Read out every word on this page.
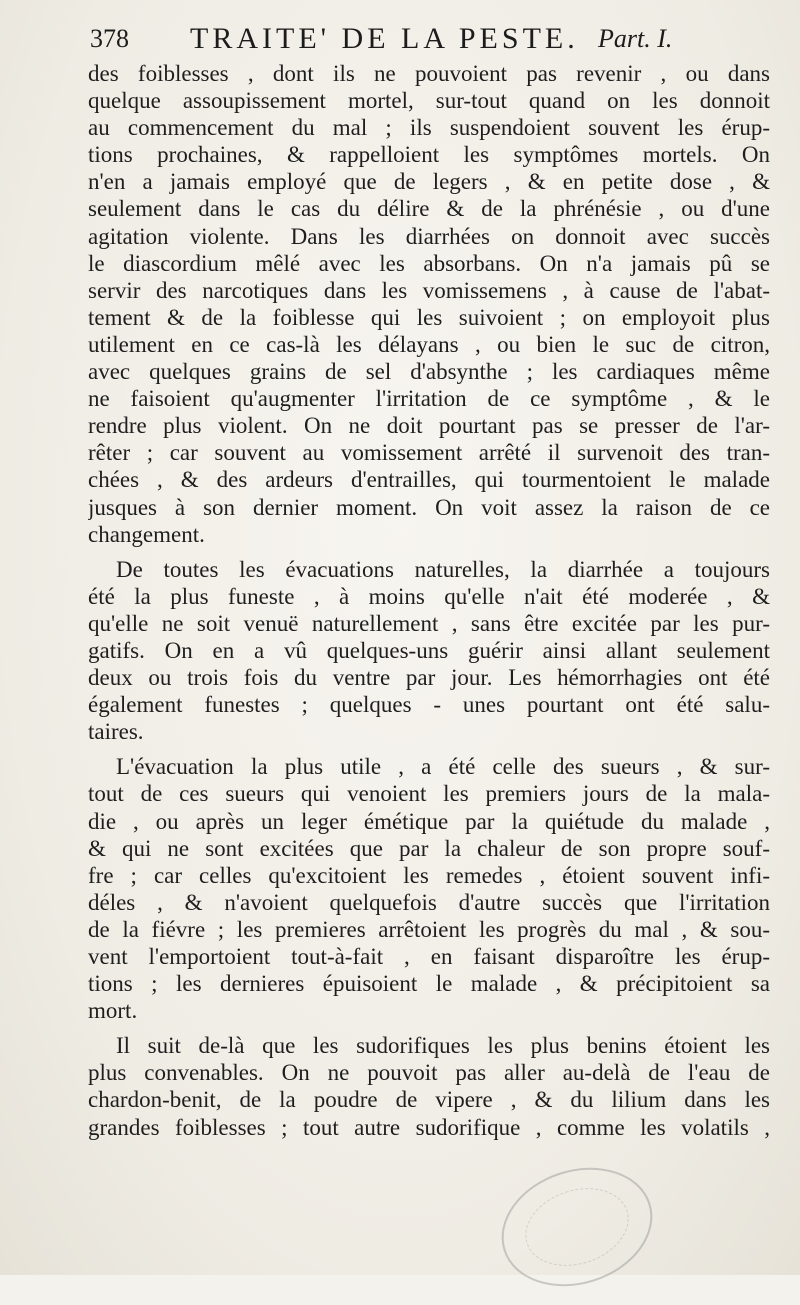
378 TRAITE' DE LA PESTE. Part. I.
des foiblesses , dont ils ne pouvoient pas revenir , ou dans
quelque assoupissement mortel, sur-tout quand on les donnoit
au commencement du mal ; ils suspendoient souvent les érup-
tions prochaines, & rappelloient les symptômes mortels. On
n'en a jamais employé que de legers , & en petite dose , &
seulement dans le cas du délire & de la phrénésie , ou d'une
agitation violente. Dans les diarrhées on donnoit avec succès
le diascordium mêlé avec les absorbans. On n'a jamais pû se
servir des narcotiques dans les vomissemens , à cause de l'abat-
tement & de la foiblesse qui les suivoient ; on employoit plus
utilement en ce cas-là les délayans , ou bien le suc de citron,
avec quelques grains de sel d'absynthe ; les cardiaques même
ne faisoient qu'augmenter l'irritation de ce symptôme , & le
rendre plus violent. On ne doit pourtant pas se presser de l'ar-
rêter ; car souvent au vomissement arrêté il survenoit des tran-
chées , & des ardeurs d'entrailles, qui tourmentoient le malade
jusques à son dernier moment. On voit assez la raison de ce
changement.
De toutes les évacuations naturelles, la diarrhée a toujours
été la plus funeste , à moins qu'elle n'ait été moderée , &
qu'elle ne soit venuë naturellement , sans être excitée par les pur-
gatifs. On en a vû quelques-uns guérir ainsi allant seulement
deux ou trois fois du ventre par jour. Les hémorrhagies ont été
également funestes ; quelques - unes pourtant ont été salu-
taires.
L'évacuation la plus utile , a été celle des sueurs , & sur-
tout de ces sueurs qui venoient les premiers jours de la mala-
die , ou après un leger émétique par la quiétude du malade ,
& qui ne sont excitées que par la chaleur de son propre souf-
fre ; car celles qu'excitoient les remedes , étoient souvent infi-
déles , & n'avoient quelquefois d'autre succès que l'irritation
de la fiévre ; les premieres arrêtoient les progrès du mal , & sou-
vent l'emportoient tout-à-fait , en faisant disparoître les érup-
tions ; les dernieres épuisoient le malade , & précipitoient sa
mort.
Il suit de-là que les sudorifiques les plus benins étoient les
plus convenables. On ne pouvoit pas aller au-delà de l'eau de
chardon-benit, de la poudre de vipere , & du lilium dans les
grandes foiblesses ; tout autre sudorifique , comme les volatils ,
